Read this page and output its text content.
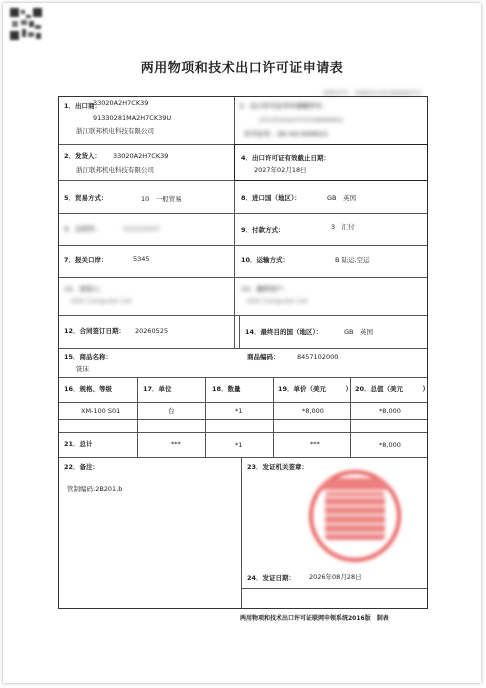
两用物项和技术出口许可证申请表
表格序号：2A83210226666472
1．出口商：
33020A2H7CK39
91330281MA2H7CK39U
浙江联邦机电科技有限公司
3．出口许可证号申请顺序号：
201302A2H7CK39688862
许可证号：2B-4G-X08621
2．发货人： 33020A2H7CK39
浙江联邦机电科技有限公司
4．出口许可证有效截止日期：
2027年02月18日
5．贸易方式：	10　一般贸易	8．进口国（地区）：	GB　英国
6．合同号：	FZ2025007	9．付款方式：	3　汇付
7．报关口岸：	5345	10．运输方式：	B 陆运,空运
11．收货人：
XXX Computer Ltd
13．最终用户：
XXX Computer Ltd
12．合同签订日期： 20260525	14．最终目的国（地区）：	GB　英国
15．商品名称：
铣床
商品编码：	8457102000
16．规格、等级	17．单位	18．数量	19．单价（美元　　　） 20．总值（美元　　　）
XM-100 S01	台	*1	*8,000	*8,000
21．总计	***	*1	***	*8,000
22．备注：
管制编码:2B201.b
23．发证机关签章：
24．发证日期： 2026年08月28日
两用物项和技术出口许可证联网申领系统2016版　制表
